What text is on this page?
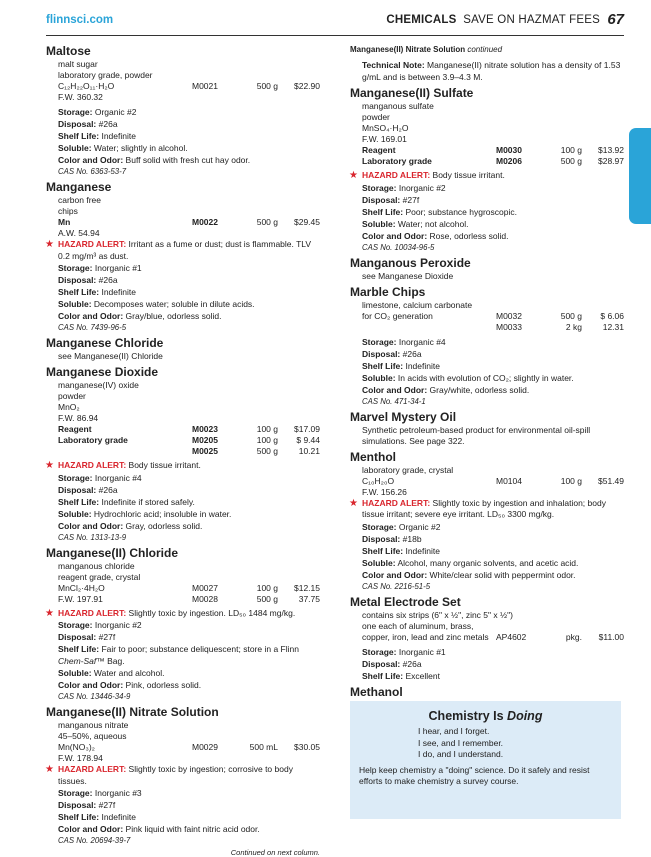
flinnsci.com	CHEMICALS SAVE ON HAZMAT FEES 67
Maltose
malt sugar
laboratory grade, powder
C₁₂H₂₂O₁₁·H₂O	M0021	500 g	$22.90
F.W. 360.32
Storage: Organic #2
Disposal: #26a
Shelf Life: Indefinite
Soluble: Water; slightly in alcohol.
Color and Odor: Buff solid with fresh cut hay odor.
CAS No. 6363-53-7
Manganese
carbon free
chips
Mn	M0022	500 g	$29.45
A.W. 54.94
★ HAZARD ALERT: Irritant as a fume or dust; dust is flammable. TLV 0.2 mg/m³ as dust.
Storage: Inorganic #1
Disposal: #26a
Shelf Life: Indefinite
Soluble: Decomposes water; soluble in dilute acids.
Color and Odor: Gray/blue, odorless solid.
CAS No. 7439-96-5
Manganese Chloride
see Manganese(II) Chloride
Manganese Dioxide
manganese(IV) oxide
powder
MnO₂
F.W. 86.94
Reagent	M0023	100 g	$17.09
Laboratory grade	M0205	100 g	$ 9.44
M0025	500 g	10.21
★ HAZARD ALERT: Body tissue irritant.
Storage: Inorganic #4
Disposal: #26a
Shelf Life: Indefinite if stored safely.
Soluble: Hydrochloric acid; insoluble in water.
Color and Odor: Gray, odorless solid.
CAS No. 1313-13-9
Manganese(II) Chloride
manganous chloride
reagent grade, crystal
MnCl₂·4H₂O	M0027	100 g	$12.15
F.W. 197.91	M0028	500 g	37.75
★ HAZARD ALERT: Slightly toxic by ingestion. LD₅₀ 1484 mg/kg.
Storage: Inorganic #2
Disposal: #27f
Shelf Life: Fair to poor; substance deliquescent; store in a Flinn Chem-Saf™ Bag.
Soluble: Water and alcohol.
Color and Odor: Pink, odorless solid.
CAS No. 13446-34-9
Manganese(II) Nitrate Solution
manganous nitrate
45–50%, aqueous
Mn(NO₃)₂	M0029	500 mL	$30.05
F.W. 178.94
★ HAZARD ALERT: Slightly toxic by ingestion; corrosive to body tissues.
Storage: Inorganic #3
Disposal: #27f
Shelf Life: Indefinite
Color and Odor: Pink liquid with faint nitric acid odor.
CAS No. 20694-39-7
Continued on next column.
Manganese(II) Nitrate Solution continued
Technical Note: Manganese(II) nitrate solution has a density of 1.53 g/mL and is between 3.9–4.3 M.
Manganese(II) Sulfate
manganous sulfate
powder
MnSO₄·H₂O
F.W. 169.01
Reagent	M0030	100 g	$13.92
Laboratory grade	M0206	500 g	$28.97
★ HAZARD ALERT: Body tissue irritant.
Storage: Inorganic #2
Disposal: #27f
Shelf Life: Poor; substance hygroscopic.
Soluble: Water; not alcohol.
Color and Odor: Rose, odorless solid.
CAS No. 10034-96-5
Manganous Peroxide
see Manganese Dioxide
Marble Chips
limestone, calcium carbonate
for CO₂ generation	M0032	500 g	$ 6.06
M0033	2 kg	12.31
Storage: Inorganic #4
Disposal: #26a
Shelf Life: Indefinite
Soluble: In acids with evolution of CO₂; slightly in water.
Color and Odor: Gray/white, odorless solid.
CAS No. 471-34-1
Marvel Mystery Oil
Synthetic petroleum-based product for environmental oil-spill simulations. See page 322.
Menthol
laboratory grade, crystal
C₁₀H₂₀O	M0104	100 g	$51.49
F.W. 156.26
★ HAZARD ALERT: Slightly toxic by ingestion and inhalation; body tissue irritant; severe eye irritant. LD₅₀ 3300 mg/kg.
Storage: Organic #2
Disposal: #18b
Shelf Life: Indefinite
Soluble: Alcohol, many organic solvents, and acetic acid.
Color and Odor: White/clear solid with peppermint odor.
CAS No. 2216-51-5
Metal Electrode Set
contains six strips (6" x ½", zinc 5" x ½")
one each of aluminum, brass,
copper, iron, lead and zinc metals AP4602	pkg.	$11.00
Storage: Inorganic #1
Disposal: #26a
Shelf Life: Excellent
Methanol
Chemistry Is Doing
I hear, and I forget.
I see, and I remember.
I do, and I understand.
Help keep chemistry a "doing" science. Do it safely and resist efforts to make chemistry a survey course.
